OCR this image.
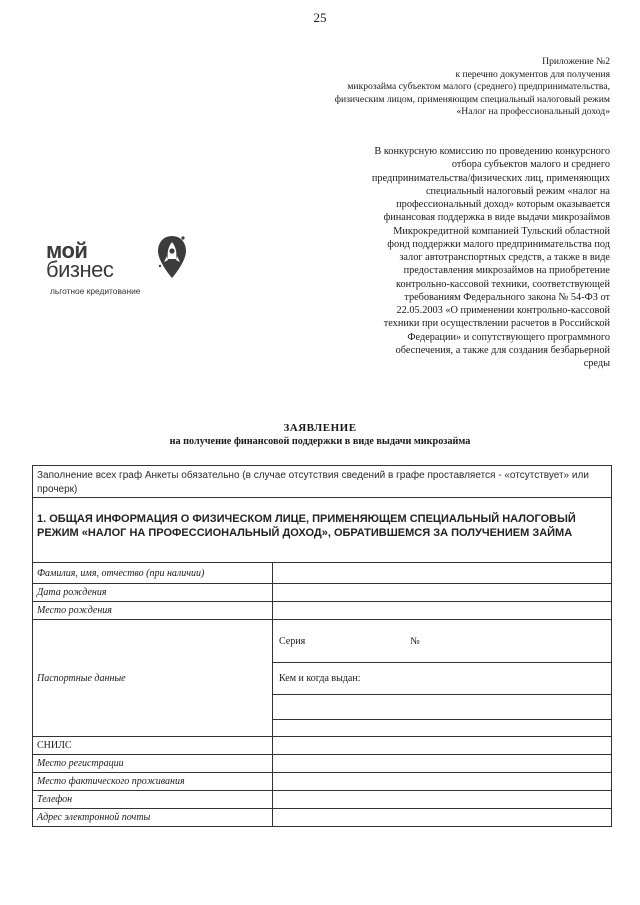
25
Приложение №2
к перечню документов для получения
микрозайма субъектом малого (среднего) предпринимательства,
физическим лицом, применяющим специальный налоговый режим
«Налог на профессиональный доход»
В конкурсную комиссию по проведению конкурсного
отбора субъектов малого и среднего
предпринимательства/физических лиц, применяющих
специальный налоговый режим «налог на
профессиональный доход» которым оказывается
финансовая поддержка в виде выдачи микрозаймов
Микрокредитной компанией Тульский областной
фонд поддержки малого предпринимательства под
залог автотранспортных средств, а также в виде
предоставления микрозаймов на приобретение
контрольно-кассовой техники, соответствующей
требованиям Федерального закона № 54-ФЗ от
22.05.2003 «О применении контрольно-кассовой
техники при осуществлении расчетов в Российской
Федерации» и сопутствующего программного
обеспечения, а также для создания безбарьерной
среды
мой
бизнес
льготное кредитование
ЗАЯВЛЕНИЕ
на получение финансовой поддержки в виде выдачи микрозайма
Заполнение всех граф Анкеты обязательно (в случае отсутствия сведений в графе проставляется - «отсутствует» или прочерк)
1. ОБЩАЯ ИНФОРМАЦИЯ О ФИЗИЧЕСКОМ ЛИЦЕ, ПРИМЕНЯЮЩЕМ СПЕЦИАЛЬНЫЙ НАЛОГОВЫЙ РЕЖИМ «НАЛОГ НА ПРОФЕССИОНАЛЬНЫЙ ДОХОД», ОБРАТИВШЕМСЯ ЗА ПОЛУЧЕНИЕМ ЗАЙМА
Фамилия, имя, отчество (при наличии)
Дата рождения
Место рождения
Паспортные данные
Серия	№
Кем и когда выдан:
СНИЛС
Место регистрации
Место фактического проживания
Телефон
Адрес электронной почты
